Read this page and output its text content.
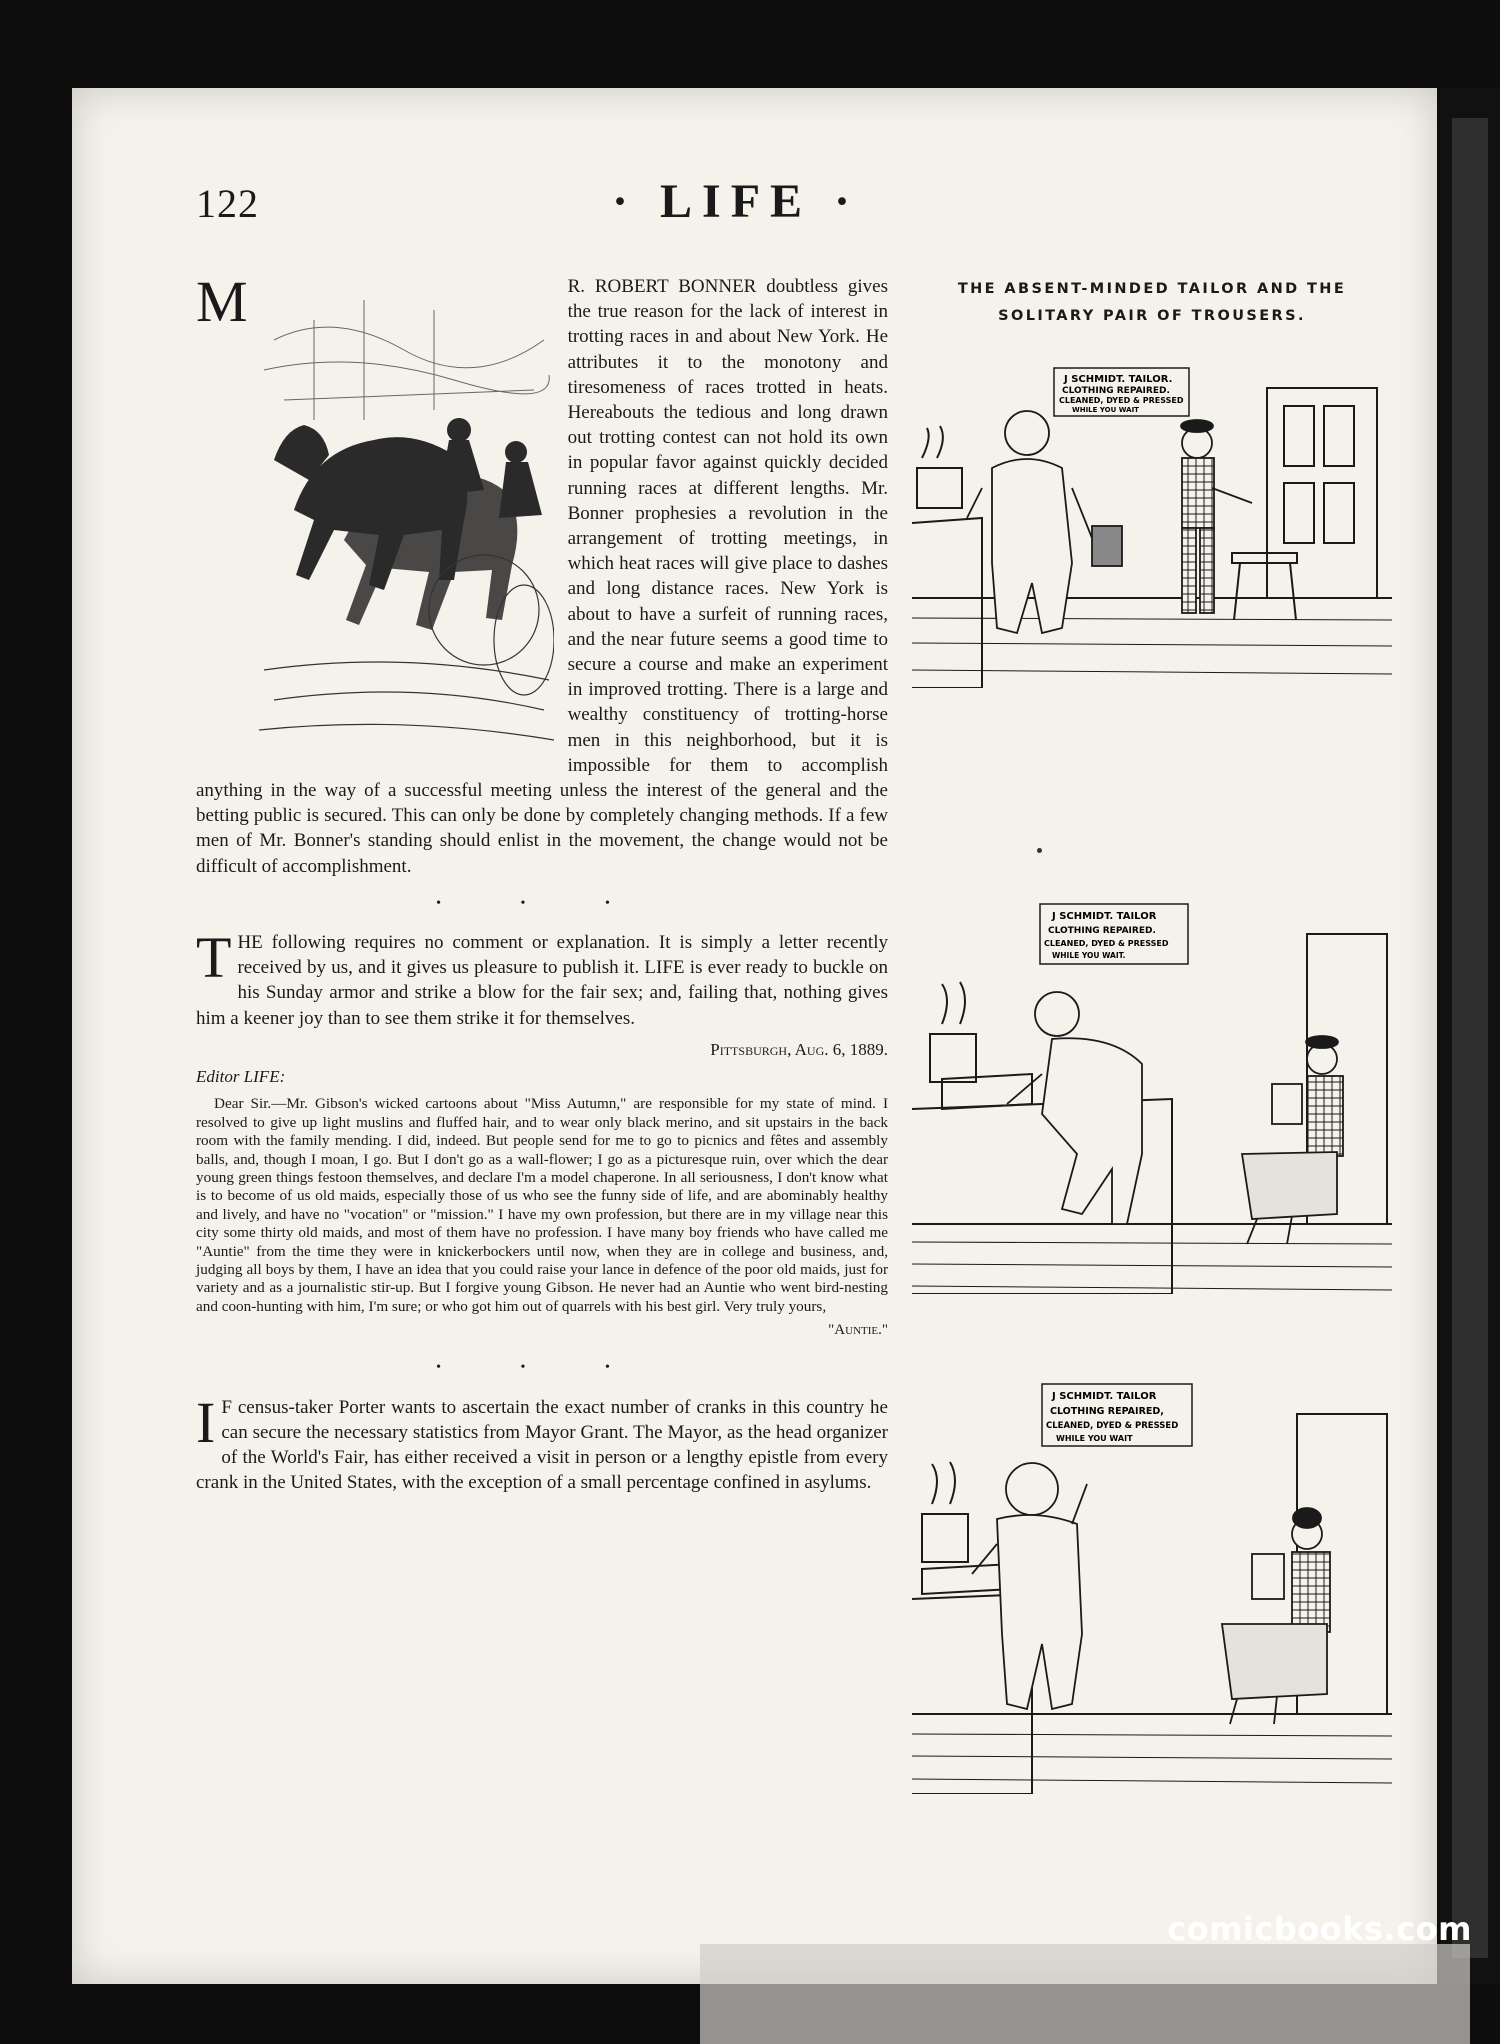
122	· LIFE ·

M	R. ROBERT BONNER doubtless gives the true reason for the lack of interest in trotting races in and about New York. He attributes it to the monotony and tiresomeness of races trotted in heats. Hereabouts the tedious and long drawn out trotting contest can not hold its own in popular favor against quickly decided running races at different lengths. Mr. Bonner prophesies a revolution in the arrangement of trotting meetings, in which heat races will give place to dashes and long distance races. New York is about to have a surfeit of running races, and the near future seems a good time to secure a course and make an experiment in improved trotting. There is a large and wealthy constituency of trotting-horse men in this neighborhood, but it is impossible for them to accomplish anything in the way of a successful meeting unless the interest of the general and the betting public is secured. This can only be done by completely changing methods. If a few men of Mr. Bonner's standing should enlist in the movement, the change would not be difficult of accomplishment.

• • •

T HE following requires no comment or explanation. It is simply a letter recently received by us, and it gives us pleasure to publish it. LIFE is ever ready to buckle on his Sunday armor and strike a blow for the fair sex; and, failing that, nothing gives him a keener joy than to see them strike it for themselves.

Pittsburgh, Aug. 6, 1889.
Editor LIFE:
Dear Sir.—Mr. Gibson's wicked cartoons about "Miss Autumn," are responsible for my state of mind. I resolved to give up light muslins and fluffed hair, and to wear only black merino, and sit upstairs in the back room with the family mending. I did, indeed. But people send for me to go to picnics and fêtes and assembly balls, and, though I moan, I go. But I don't go as a wall-flower; I go as a picturesque ruin, over which the dear young green things festoon themselves, and declare I'm a model chaperone. In all seriousness, I don't know what is to become of us old maids, especially those of us who see the funny side of life, and are abominably healthy and lively, and have no "vocation" or "mission." I have my own profession, but there are in my village near this city some thirty old maids, and most of them have no profession. I have many boy friends who have called me "Auntie" from the time they were in knickerbockers until now, when they are in college and business, and, judging all boys by them, I have an idea that you could raise your lance in defence of the poor old maids, just for variety and as a journalistic stir-up. But I forgive young Gibson. He never had an Auntie who went bird-nesting and coon-hunting with him, I'm sure; or who got him out of quarrels with his best girl. Very truly yours,
"Auntie."
• • •

I F census-taker Porter wants to ascertain the exact number of cranks in this country he can secure the necessary statistics from Mayor Grant. The Mayor, as the head organizer of the World's Fair, has either received a visit in person or a lengthy epistle from every crank in the United States, with the exception of a small percentage confined in asylums.

THE ABSENT-MINDED TAILOR AND THE
SOLITARY PAIR OF TROUSERS.
J SCHMIDT. TAILOR.
CLOTHING REPAIRED.
CLEANED, DYED & PRESSED
WHILE YOU WAIT
J SCHMIDT. TAILOR
CLOTHING REPAIRED.
CLEANED, DYED & PRESSED
WHILE YOU WAIT.
J SCHMIDT. TAILOR
CLOTHING REPAIRED,
CLEANED, DYED & PRESSED
WHILE YOU WAIT
comicbooks.com
